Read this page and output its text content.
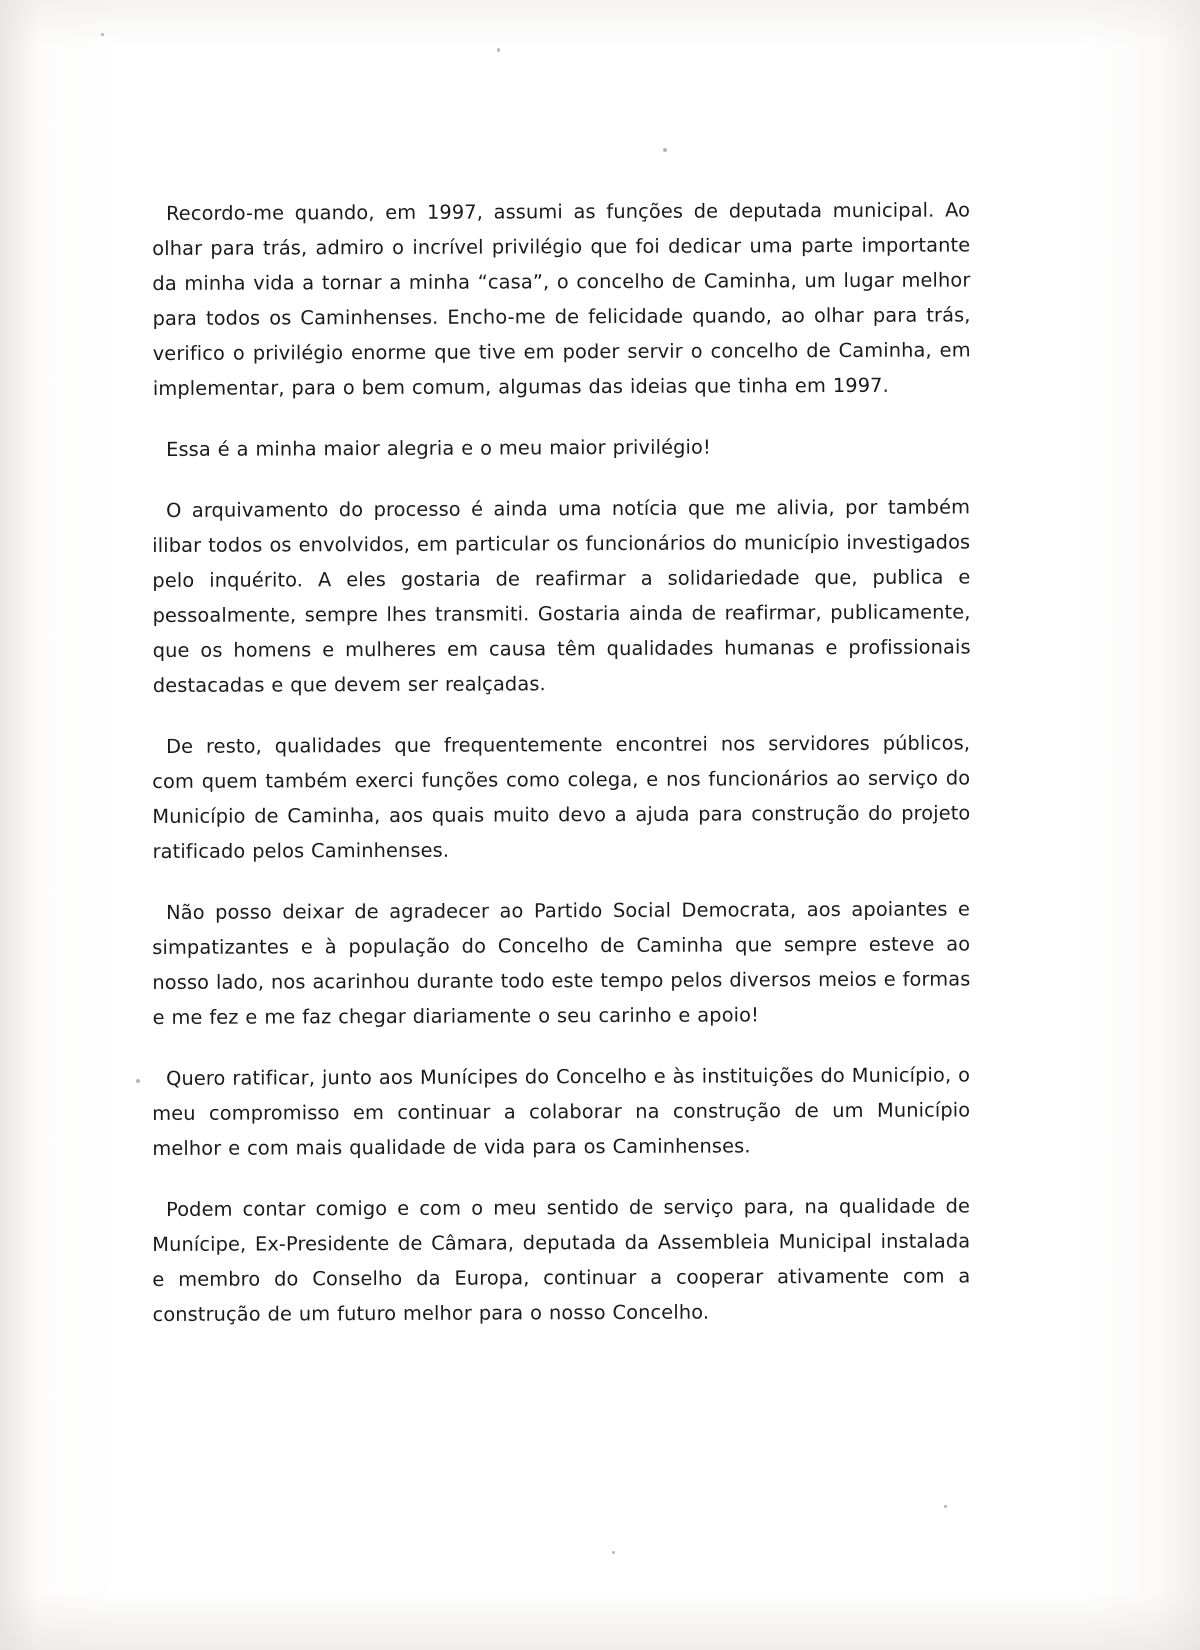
Recordo-me quando, em 1997, assumi as funções de deputada municipal. Ao olhar para trás, admiro o incrível privilégio que foi dedicar uma parte importante da minha vida a tornar a minha “casa”, o concelho de Caminha, um lugar melhor para todos os Caminhenses. Encho-me de felicidade quando, ao olhar para trás, verifico o privilégio enorme que tive em poder servir o concelho de Caminha, em implementar, para o bem comum, algumas das ideias que tinha em 1997.

Essa é a minha maior alegria e o meu maior privilégio!

O arquivamento do processo é ainda uma notícia que me alivia, por também ilibar todos os envolvidos, em particular os funcionários do município investigados pelo inquérito. A eles gostaria de reafirmar a solidariedade que, publica e pessoalmente, sempre lhes transmiti. Gostaria ainda de reafirmar, publicamente, que os homens e mulheres em causa têm qualidades humanas e profissionais destacadas e que devem ser realçadas.

De resto, qualidades que frequentemente encontrei nos servidores públicos, com quem também exerci funções como colega, e nos funcionários ao serviço do Município de Caminha, aos quais muito devo a ajuda para construção do projeto ratificado pelos Caminhenses.

Não posso deixar de agradecer ao Partido Social Democrata, aos apoiantes e simpatizantes e à população do Concelho de Caminha que sempre esteve ao nosso lado, nos acarinhou durante todo este tempo pelos diversos meios e formas e me fez e me faz chegar diariamente o seu carinho e apoio!

Quero ratificar, junto aos Munícipes do Concelho e às instituições do Município, o meu compromisso em continuar a colaborar na construção de um Município melhor e com mais qualidade de vida para os Caminhenses.

Podem contar comigo e com o meu sentido de serviço para, na qualidade de Munícipe, Ex-Presidente de Câmara, deputada da Assembleia Municipal instalada e membro do Conselho da Europa, continuar a cooperar ativamente com a construção de um futuro melhor para o nosso Concelho.
